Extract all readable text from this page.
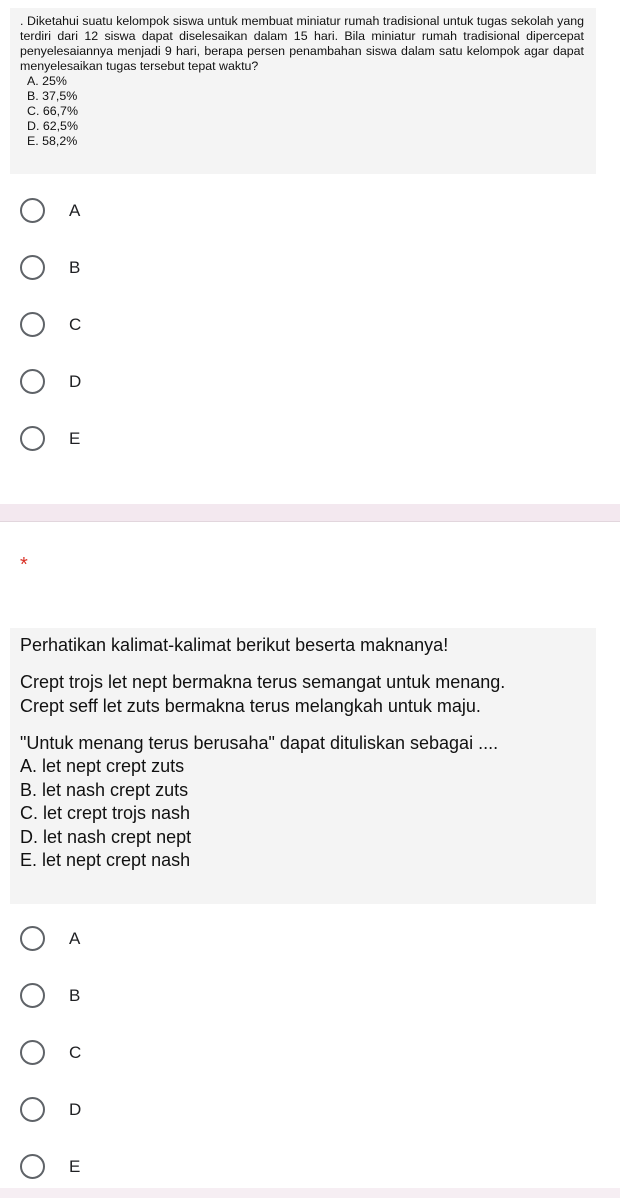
. Diketahui suatu kelompok siswa untuk membuat miniatur rumah tradisional untuk tugas sekolah yang terdiri dari 12 siswa dapat diselesaikan dalam 15 hari. Bila miniatur rumah tradisional dipercepat penyelesaiannya menjadi 9 hari, berapa persen penambahan siswa dalam satu kelompok agar dapat menyelesaikan tugas tersebut tepat waktu?
A. 25%
B. 37,5%
C. 66,7%
D. 62,5%
E. 58,2%
A
B
C
D
E
*
Perhatikan kalimat-kalimat berikut beserta maknanya!
Crept trojs let nept bermakna terus semangat untuk menang.
Crept seff let zuts bermakna terus melangkah untuk maju.
"Untuk menang terus berusaha" dapat dituliskan sebagai ....
A. let nept crept zuts
B. let nash crept zuts
C. let crept trojs nash
D. let nash crept nept
E. let nept crept nash
A
B
C
D
E
